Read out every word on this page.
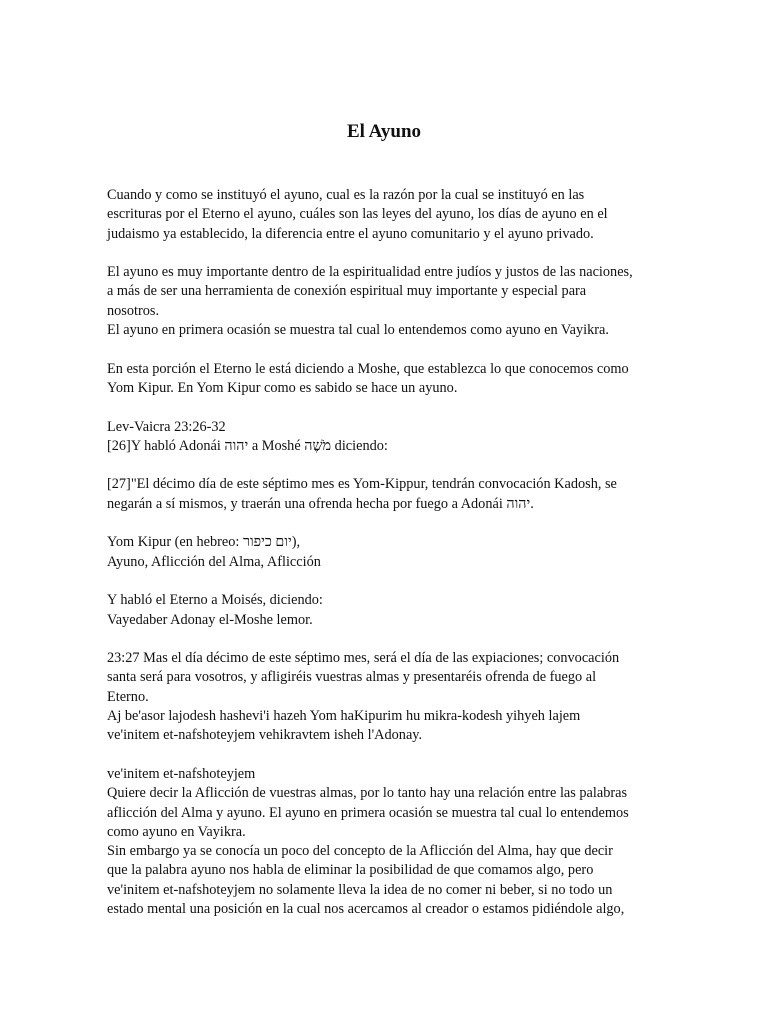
El Ayuno

Cuando y como se instituyó el ayuno, cual es la razón por la cual se instituyó en las
escrituras por el Eterno el ayuno, cuáles son las leyes del ayuno, los días de ayuno en el
judaismo ya establecido, la diferencia entre el ayuno comunitario y el ayuno privado.

El ayuno es muy importante dentro de la espiritualidad entre judíos y justos de las naciones,
a más de ser una herramienta de conexión espiritual muy importante y especial para
nosotros.
El ayuno en primera ocasión se muestra tal cual lo entendemos como ayuno en Vayikra.

En esta porción el Eterno le está diciendo a Moshe, que establezca lo que conocemos como
Yom Kipur. En Yom Kipur como es sabido se hace un ayuno.

Lev-Vaicra 23:26-32
[26]Y habló Adonái יהוה a Moshé מֹשֶׁה diciendo:

[27]"El décimo día de este séptimo mes es Yom-Kippur, tendrán convocación Kadosh, se
negarán a sí mismos, y traerán una ofrenda hecha por fuego a Adonái יהוה.

Yom Kipur (en hebreo: יום כיפור),
Ayuno, Aflicción del Alma, Aflicción

Y habló el Eterno a Moisés, diciendo:
Vayedaber Adonay el-Moshe lemor.

23:27 Mas el día décimo de este séptimo mes, será el día de las expiaciones; convocación
santa será para vosotros, y afligiréis vuestras almas y presentaréis ofrenda de fuego al
Eterno.
Aj be'asor lajodesh hashevi'i hazeh Yom haKipurim hu mikra-kodesh yihyeh lajem
ve'initem et-nafshoteyjem vehikravtem isheh l'Adonay.

ve'initem et-nafshoteyjem
Quiere decir la Aflicción de vuestras almas, por lo tanto hay una relación entre las palabras
aflicción del Alma y ayuno. El ayuno en primera ocasión se muestra tal cual lo entendemos
como ayuno en Vayikra.
Sin embargo ya se conocía un poco del concepto de la Aflicción del Alma, hay que decir
que la palabra ayuno nos habla de eliminar la posibilidad de que comamos algo, pero
ve'initem et-nafshoteyjem no solamente lleva la idea de no comer ni beber, si no todo un
estado mental una posición en la cual nos acercamos al creador o estamos pidiéndole algo,
